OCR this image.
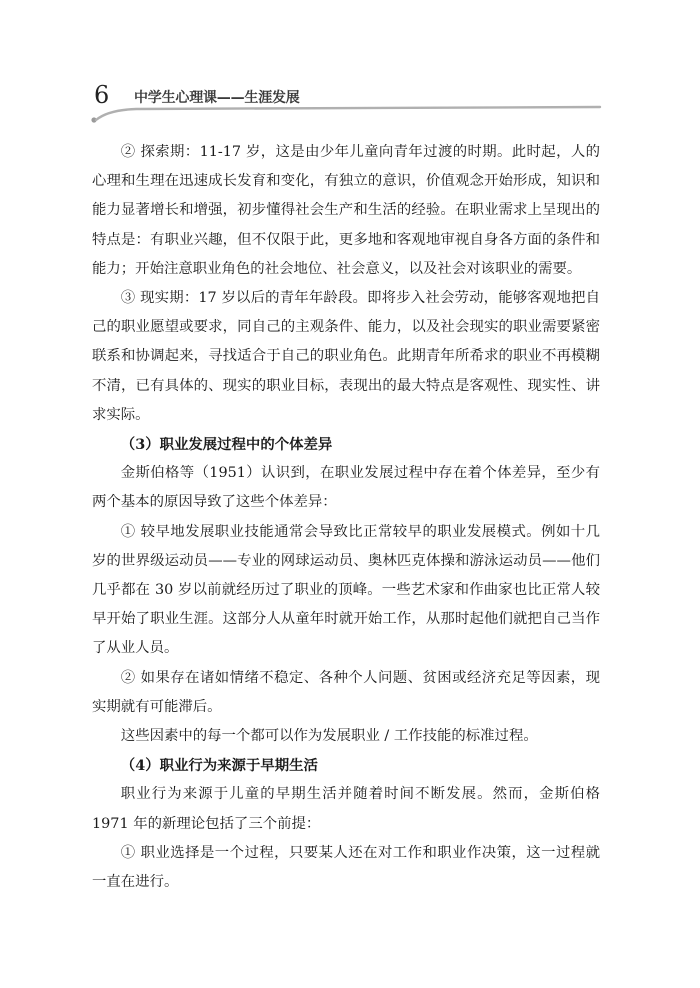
6 中学生心理课——生涯发展

② 探索期：11-17 岁，这是由少年儿童向青年过渡的时期。此时起，人的心理和生理在迅速成长发育和变化，有独立的意识，价值观念开始形成，知识和能力显著增长和增强，初步懂得社会生产和生活的经验。在职业需求上呈现出的特点是：有职业兴趣，但不仅限于此，更多地和客观地审视自身各方面的条件和能力；开始注意职业角色的社会地位、社会意义，以及社会对该职业的需要。

③ 现实期：17 岁以后的青年年龄段。即将步入社会劳动，能够客观地把自己的职业愿望或要求，同自己的主观条件、能力，以及社会现实的职业需要紧密联系和协调起来，寻找适合于自己的职业角色。此期青年所希求的职业不再模糊不清，已有具体的、现实的职业目标，表现出的最大特点是客观性、现实性、讲求实际。

（3）职业发展过程中的个体差异

金斯伯格等（1951）认识到，在职业发展过程中存在着个体差异，至少有两个基本的原因导致了这些个体差异：

① 较早地发展职业技能通常会导致比正常较早的职业发展模式。例如十几岁的世界级运动员——专业的网球运动员、奥林匹克体操和游泳运动员——他们几乎都在 30 岁以前就经历过了职业的顶峰。一些艺术家和作曲家也比正常人较早开始了职业生涯。这部分人从童年时就开始工作，从那时起他们就把自己当作了从业人员。

② 如果存在诸如情绪不稳定、各种个人问题、贫困或经济充足等因素，现实期就有可能滞后。

这些因素中的每一个都可以作为发展职业 / 工作技能的标准过程。

（4）职业行为来源于早期生活

职业行为来源于儿童的早期生活并随着时间不断发展。然而，金斯伯格 1971 年的新理论包括了三个前提：

① 职业选择是一个过程，只要某人还在对工作和职业作决策，这一过程就一直在进行。
